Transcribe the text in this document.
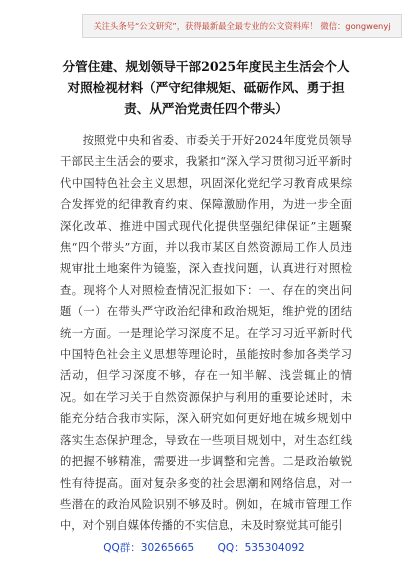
关注头条号“公文研究”，获得最新最全最专业的公文资料库！ 微信：gongwenyj
分管住建、规划领导干部2025年度民主生活会个人对照检视材料（严守纪律规矩、砥砺作风、勇于担责、从严治党责任四个带头）

按照党中央和省委、市委关于开好2024年度党员领导干部民主生活会的要求，我紧扣“深入学习贯彻习近平新时代中国特色社会主义思想，巩固深化党纪学习教育成果综合发挥党的纪律教育约束、保障激励作用，为进一步全面深化改革、推进中国式现代化提供坚强纪律保证”主题聚焦“四个带头”方面，并以我市某区自然资源局工作人员违规审批土地案件为镜鉴，深入查找问题，认真进行对照检查。现将个人对照检查情况汇报如下：一、存在的突出问题（一）在带头严守政治纪律和政治规矩，维护党的团结统一方面。一是理论学习深度不足。在学习习近平新时代中国特色社会主义思想等理论时，虽能按时参加各类学习活动，但学习深度不够，存在一知半解、浅尝辄止的情况。如在学习关于自然资源保护与利用的重要论述时，未能充分结合我市实际，深入研究如何更好地在城乡规划中落实生态保护理念，导致在一些项目规划中，对生态红线的把握不够精准，需要进一步调整和完善。二是政治敏锐性有待提高。面对复杂多变的社会思潮和网络信息，对一些潜在的政治风险识别不够及时。例如，在城市管理工作中，对个别自媒体传播的不实信息，未及时察觉其可能引

QQ群：30265665 QQ：535304092
